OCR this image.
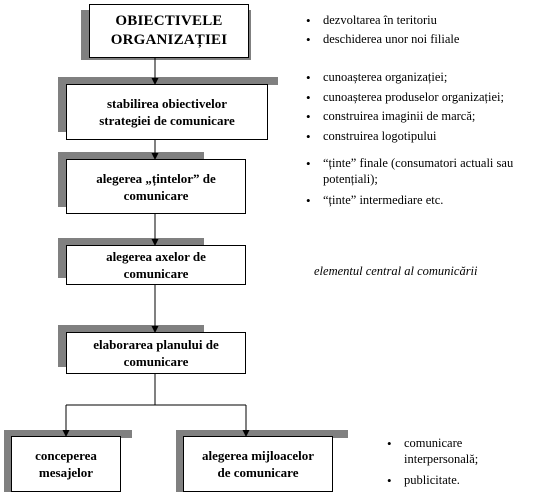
OBIECTIVELE
ORGANIZAȚIEI
stabilirea obiectivelor
strategiei de comunicare
alegerea „țintelor” de
comunicare
alegerea axelor de
comunicare
elaborarea planului de
comunicare
conceperea
mesajelor
alegerea mijloacelor
de comunicare
• dezvoltarea în teritoriu
• deschiderea unor noi filiale
• cunoașterea organizației;
• cunoașterea produselor organizației;
• construirea imaginii de marcă;
• construirea logotipului
• “ținte” finale (consumatori actuali sau potențiali);
• “ținte” intermediare etc.
elementul central al comunicării
• comunicare interpersonală;
• publicitate.
